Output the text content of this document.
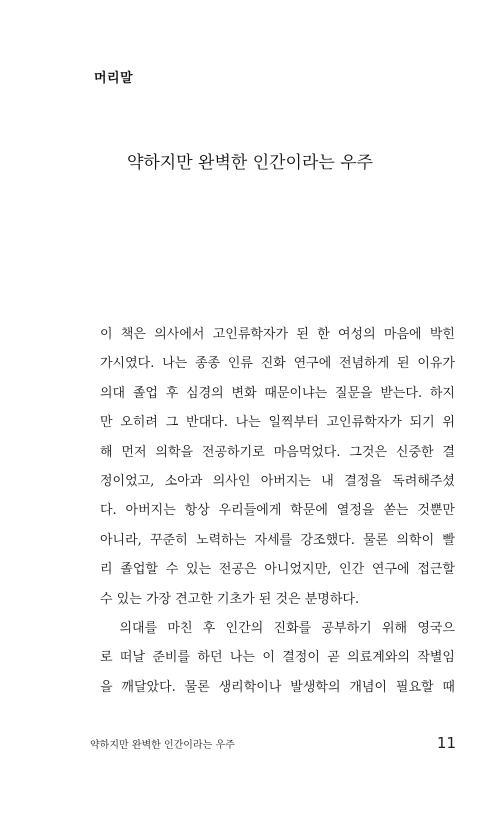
머리말
약하지만 완벽한 인간이라는 우주

이 책은 의사에서 고인류학자가 된 한 여성의 마음에 박힌
가시였다. 나는 종종 인류 진화 연구에 전념하게 된 이유가
의대 졸업 후 심경의 변화 때문이냐는 질문을 받는다. 하지
만 오히려 그 반대다. 나는 일찍부터 고인류학자가 되기 위
해 먼저 의학을 전공하기로 마음먹었다. 그것은 신중한 결
정이었고, 소아과 의사인 아버지는 내 결정을 독려해주셨
다. 아버지는 항상 우리들에게 학문에 열정을 쏟는 것뿐만
아니라, 꾸준히 노력하는 자세를 강조했다. 물론 의학이 빨
리 졸업할 수 있는 전공은 아니었지만, 인간 연구에 접근할
수 있는 가장 견고한 기초가 된 것은 분명하다.

의대를 마친 후 인간의 진화를 공부하기 위해 영국으
로 떠날 준비를 하던 나는 이 결정이 곧 의료계와의 작별임
을 깨달았다. 물론 생리학이나 발생학의 개념이 필요할 때

약하지만 완벽한 인간이라는 우주	11
